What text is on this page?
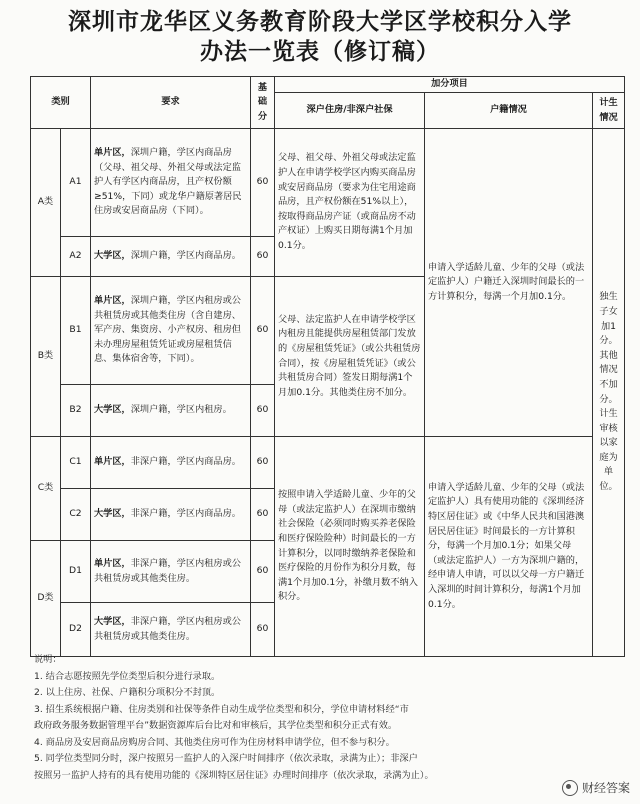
深圳市龙华区义务教育阶段大学区学校积分入学
办法一览表（修订稿）
类别		要求	基础分	加分项目		
				深户住房/非深户社保	户籍情况	计生情况
A类	A1	单片区，深圳户籍，学区内商品房（父母、祖父母、外祖父母或法定监护人有学区内商品房，且产权份额≥51%，下同）或龙华户籍原著居民住房或安居商品房（下同）。	60	父母、祖父母、外祖父母或法定监护人在申请学校学区内购买商品房或安居商品房（要求为住宅用途商品房，且产权份额在51%以上），按取得商品房产证（或商品房不动产权证）上购买日期每满1个月加0.1分。	申请入学适龄儿童、少年的父母（或法定监护人）户籍迁入深圳时间最长的一方计算积分，每满一个月加0.1分。	独生子女加1分。其他情况不加分。计生审核以家庭为单位。
	A2	大学区，深圳户籍，学区内商品房。	60			
B类	B1	单片区，深圳户籍，学区内租房或公共租赁房或其他类住房（含自建房、军产房、集资房、小产权房、租房但未办理房屋租赁凭证或房屋租赁信息、集体宿舍等，下同）。	60	父母、法定监护人在申请学校学区内租房且能提供房屋租赁部门发放的《房屋租赁凭证》（或公共租赁房合同），按《房屋租赁凭证》（或公共租赁房合同）签发日期每满1个月加0.1分。其他类住房不加分。		
	B2	大学区，深圳户籍，学区内租房。	60			
C类	C1	单片区，非深户籍，学区内商品房。	60	按照申请入学适龄儿童、少年的父母（或法定监护人）在深圳市缴纳社会保险（必须同时购买养老保险和医疗保险险种）时间最长的一方计算积分，以同时缴纳养老保险和医疗保险的月份作为积分月数，每满1个月加0.1分，补缴月数不纳入积分。	申请入学适龄儿童、少年的父母（或法定监护人）具有使用功能的《深圳经济特区居住证》或《中华人民共和国港澳居民居住证》时间最长的一方计算积分，每满一个月加0.1分；如果父母（或法定监护人）一方为深圳户籍的，经申请人申请，可以以父母一方户籍迁入深圳的时间计算积分，每满1个月加0.1分。	
	C2	大学区，非深户籍，学区内商品房。	60			
D类	D1	单片区，非深户籍，学区内租房或公共租赁房或其他类住房。	60			
	D2	大学区，非深户籍，学区内租房或公共租赁房或其他类住房。	60			
说明：
1. 结合志愿按照先学位类型后积分进行录取。
2. 以上住房、社保、户籍积分项积分不封顶。
3. 招生系统根据户籍、住房类别和社保等条件自动生成学位类型和积分，学位申请材料经“市
政府政务服务数据管理平台”数据资源库后台比对和审核后，其学位类型和积分正式有效。
4. 商品房及安居商品房购房合同、其他类住房可作为住房材料申请学位，但不参与积分。
5. 同学位类型同分时，深户按照另一监护人的入深户时间排序（依次录取，录满为止）；非深户
按照另一监护人持有的具有使用功能的《深圳特区居住证》办理时间排序（依次录取，录满为止）。
财经答案
